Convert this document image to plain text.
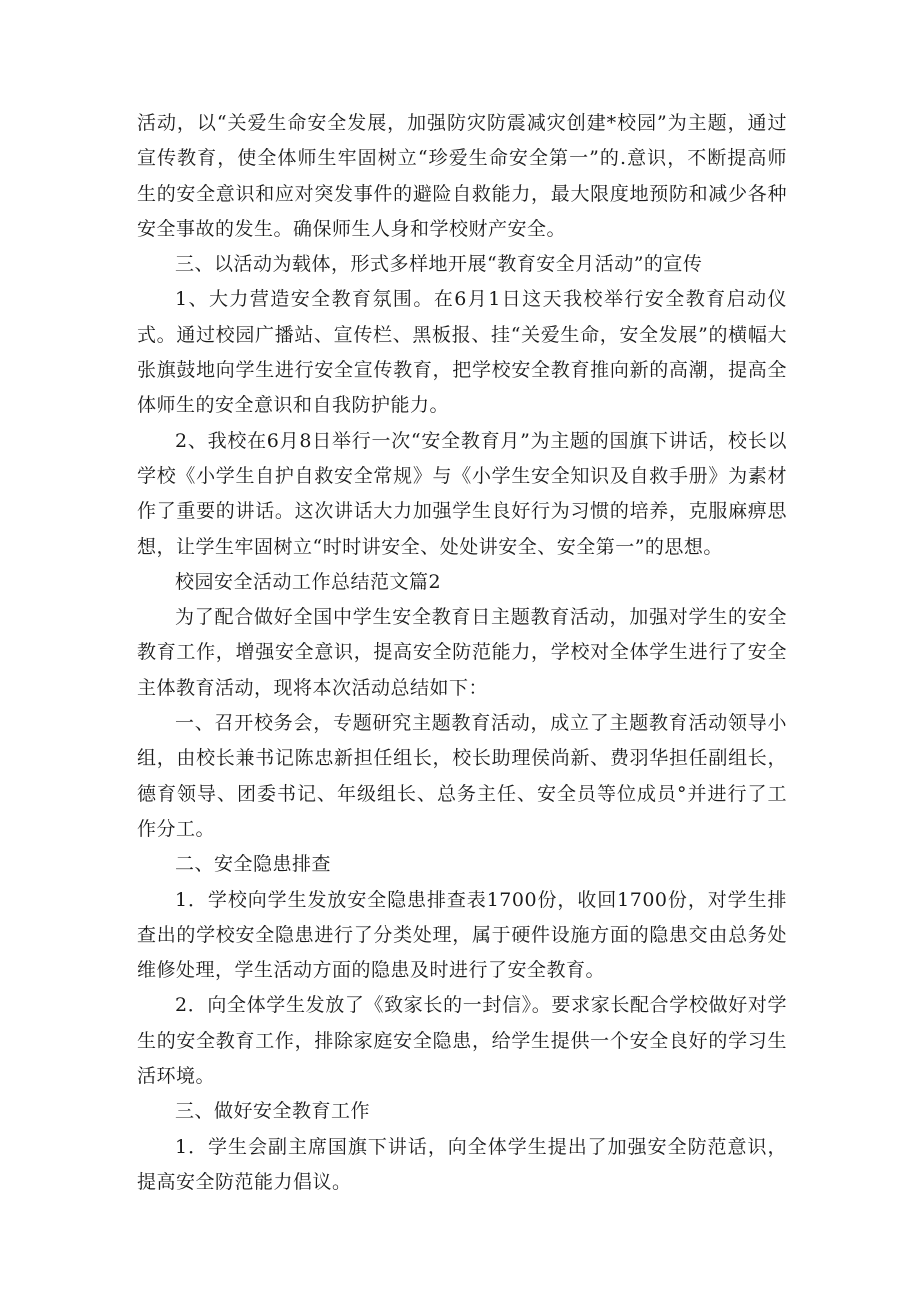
活动，以“关爱生命安全发展，加强防灾防震减灾创建*校园”为主题，通过宣传教育，使全体师生牢固树立“珍爱生命安全第一”的.意识，不断提高师生的安全意识和应对突发事件的避险自救能力，最大限度地预防和减少各种安全事故的发生。确保师生人身和学校财产安全。

三、以活动为载体，形式多样地开展“教育安全月活动”的宣传

1、大力营造安全教育氛围。在6月1日这天我校举行安全教育启动仪式。通过校园广播站、宣传栏、黑板报、挂“关爱生命，安全发展”的横幅大张旗鼓地向学生进行安全宣传教育，把学校安全教育推向新的高潮，提高全体师生的安全意识和自我防护能力。

2、我校在6月8日举行一次“安全教育月”为主题的国旗下讲话，校长以学校《小学生自护自救安全常规》与《小学生安全知识及自救手册》为素材作了重要的讲话。这次讲话大力加强学生良好行为习惯的培养，克服麻痹思想，让学生牢固树立“时时讲安全、处处讲安全、安全第一”的思想。

校园安全活动工作总结范文篇2

为了配合做好全国中学生安全教育日主题教育活动，加强对学生的安全教育工作，增强安全意识，提高安全防范能力，学校对全体学生进行了安全主体教育活动，现将本次活动总结如下：

一、召开校务会，专题研究主题教育活动，成立了主题教育活动领导小组，由校长兼书记陈忠新担任组长，校长助理侯尚新、费羽华担任副组长，德育领导、团委书记、年级组长、总务主任、安全员等位成员°并进行了工作分工。

二、安全隐患排查

1．学校向学生发放安全隐患排查表1700份，收回1700份，对学生排查出的学校安全隐患进行了分类处理，属于硬件设施方面的隐患交由总务处维修处理，学生活动方面的隐患及时进行了安全教育。

2．向全体学生发放了《致家长的一封信》。要求家长配合学校做好对学生的安全教育工作，排除家庭安全隐患，给学生提供一个安全良好的学习生活环境。

三、做好安全教育工作

1．学生会副主席国旗下讲话，向全体学生提出了加强安全防范意识，提高安全防范能力倡议。
